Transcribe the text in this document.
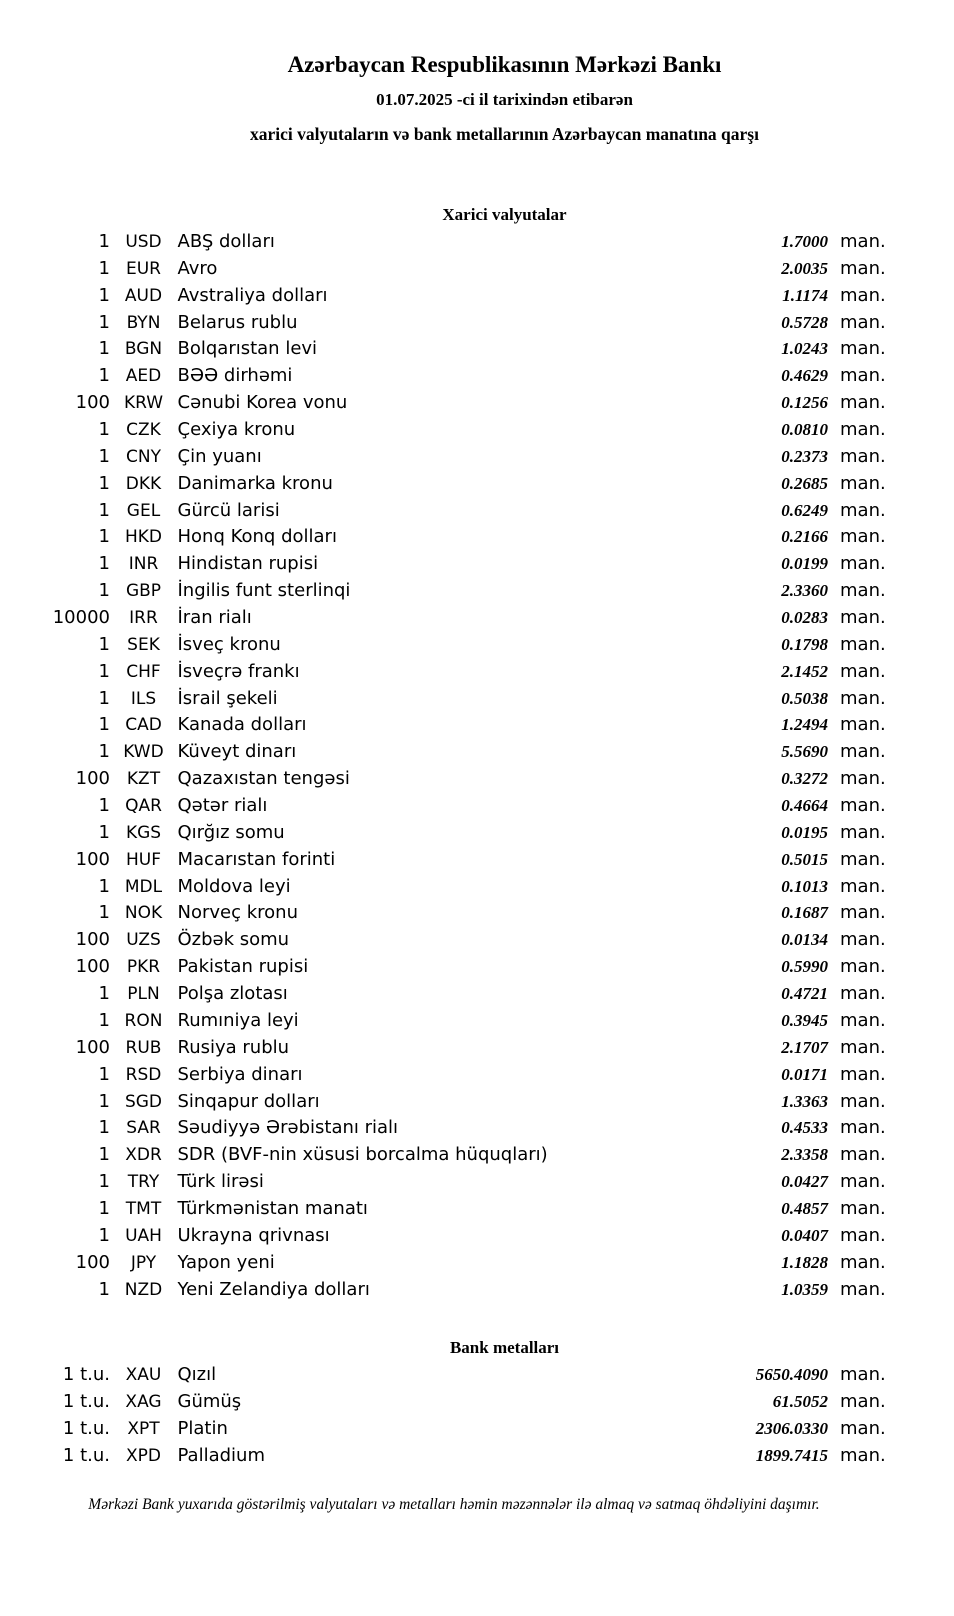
Azərbaycan Respublikasının Mərkəzi Bankı
01.07.2025 -ci il tarixindən etibarən
xarici valyutaların və bank metallarının Azərbaycan manatına qarşı
Xarici valyutalar
1 USD ABŞ dolları	1.7000 man.
1 EUR Avro	2.0035 man.
1 AUD Avstraliya dolları	1.1174 man.
1 BYN Belarus rublu	0.5728 man.
1 BGN Bolqarıstan levi	1.0243 man.
1 AED BƏƏ dirhəmi	0.4629 man.
100 KRW Cənubi Korea vonu	0.1256 man.
1 CZK Çexiya kronu	0.0810 man.
1 CNY Çin yuanı	0.2373 man.
1 DKK Danimarka kronu	0.2685 man.
1 GEL Gürcü larisi	0.6249 man.
1 HKD Honq Konq dolları	0.2166 man.
1	INR	Hindistan rupisi	0.0199 man.
1 GBP İngilis funt sterlinqi	2.3360 man.
10000	IRR	İran rialı	0.0283 man.
1	SEK İsveç kronu	0.1798 man.
1 CHF İsveçrə frankı	2.1452 man.
1	ILS	İsrail şekeli	0.5038 man.
1 CAD Kanada dolları	1.2494 man.
1 KWD Küveyt dinarı	5.5690 man.
100 KZT Qazaxıstan tengəsi	0.3272 man.
1 QAR Qətər rialı	0.4664 man.
1 KGS Qırğız somu	0.0195 man.
100 HUF Macarıstan forinti	0.5015 man.
1 MDL Moldova leyi	0.1013 man.
1 NOK Norveç kronu	0.1687 man.
100 UZS Özbək somu	0.0134 man.
100 PKR Pakistan rupisi	0.5990 man.
1	PLN Polşa zlotası	0.4721 man.
1 RON Rumıniya leyi	0.3945 man.
100 RUB Rusiya rublu	2.1707 man.
1 RSD Serbiya dinarı	0.0171 man.
1 SGD Sinqapur dolları	1.3363 man.
1 SAR Səudiyyə Ərəbistanı rialı	0.4533 man.
1 XDR SDR (BVF-nin xüsusi borcalma hüquqları)	2.3358 man.
1	TRY	Türk lirəsi	0.0427 man.
1 TMT Türkmənistan manatı	0.4857 man.
1 UAH Ukrayna qrivnası	0.0407 man.
100	JPY	Yapon yeni	1.1828 man.
1 NZD Yeni Zelandiya dolları	1.0359 man.
Bank metalları
1 t.u. XAU Qızıl	5650.4090 man.
1 t.u. XAG Gümüş	61.5052 man.
1 t.u.	XPT Platin	2306.0330 man.
1 t.u. XPD Palladium	1899.7415 man.
Mərkəzi Bank yuxarıda göstərilmiş valyutaları və metalları həmin məzənnələr ilə almaq və satmaq öhdəliyini daşımır.
